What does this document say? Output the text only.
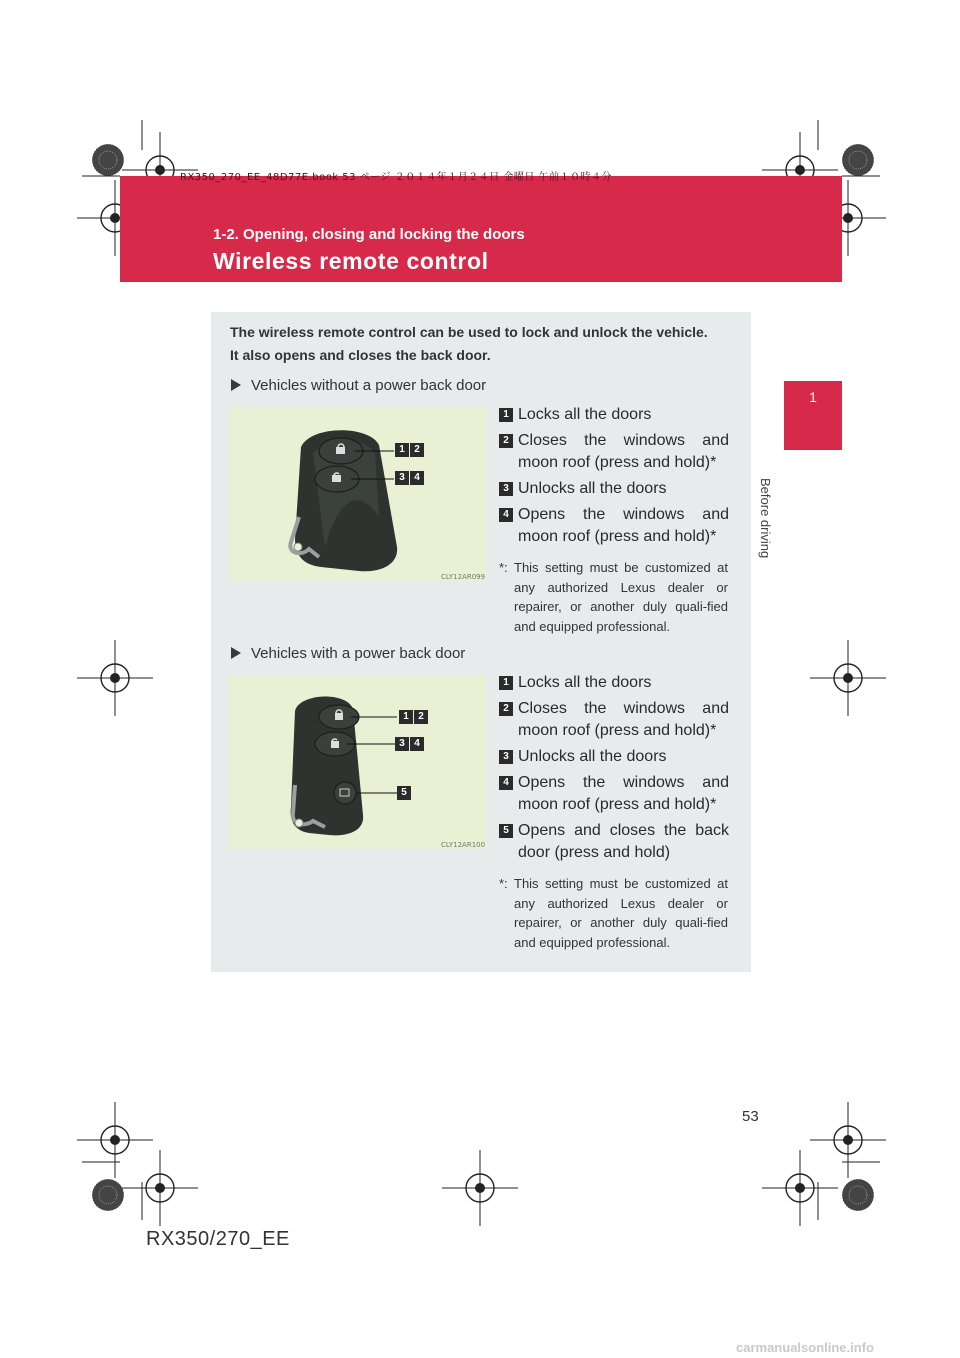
RX350_270_EE_48D77E.book 53 ページ ２０１４年１月２４日 金曜日 午前１０時４分
1-2. Opening, closing and locking the doors
Wireless remote control
1
Before driving
The wireless remote control can be used to lock and unlock the vehicle.
It also opens and closes the back door.
Vehicles without a power back door
1 2
3 4
CLY12AR099
1 Locks all the doors
2 Closes the windows and moon roof (press and hold)*
3 Unlocks all the doors
4 Opens the windows and moon roof (press and hold)*
*: This setting must be customized at any authorized Lexus dealer or repairer, or another duly quali-fied and equipped professional.
Vehicles with a power back door
1 2
3 4
5
CLY12AR100
1 Locks all the doors
2 Closes the windows and moon roof (press and hold)*
3 Unlocks all the doors
4 Opens the windows and moon roof (press and hold)*
5 Opens and closes the back door (press and hold)
*: This setting must be customized at any authorized Lexus dealer or repairer, or another duly quali-fied and equipped professional.
53
RX350/270_EE
carmanualsonline.info
